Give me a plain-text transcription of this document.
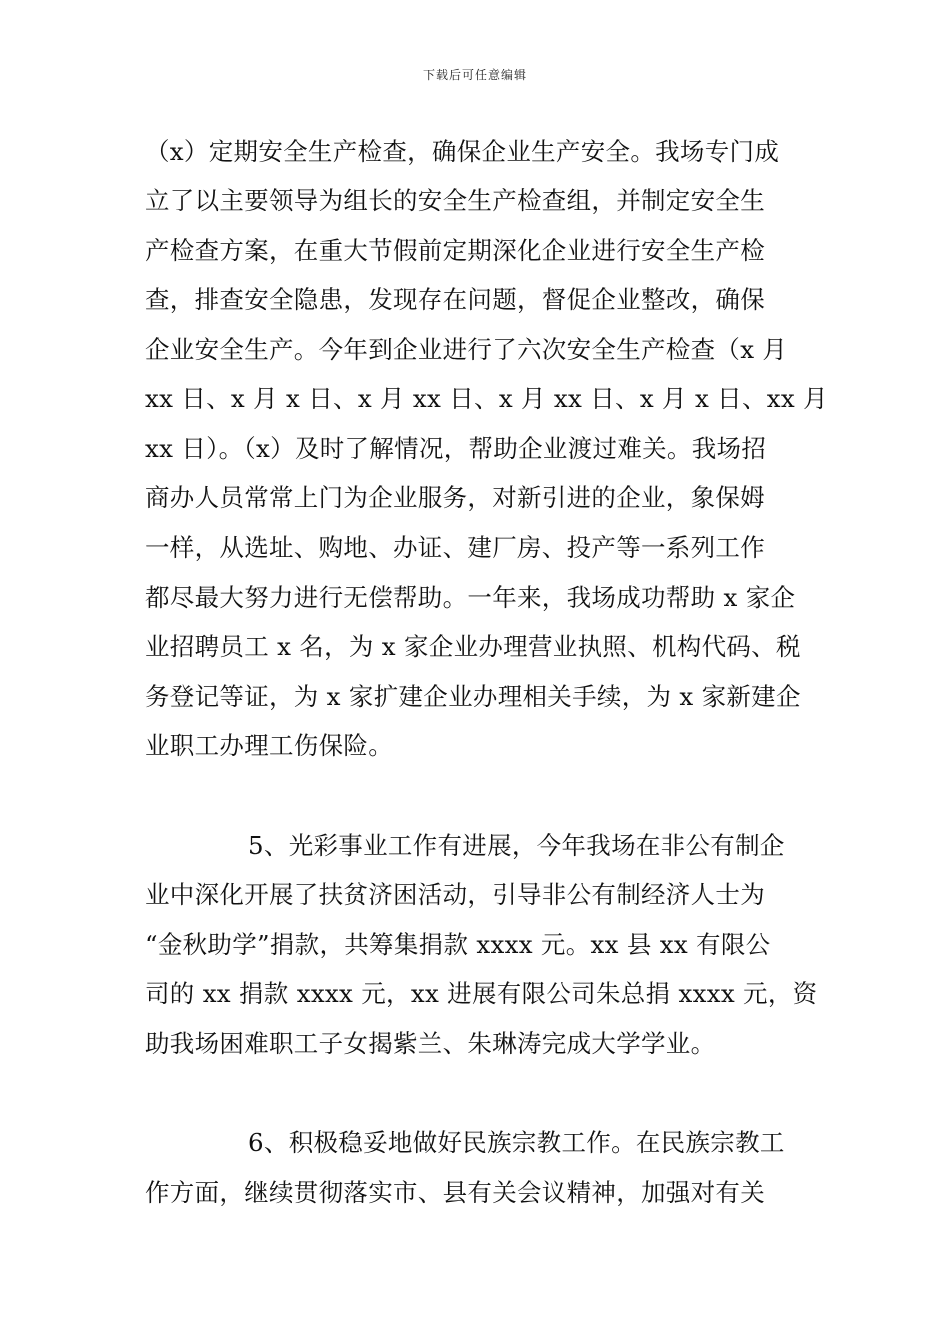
下载后可任意编辑
（x）定期安全生产检查，确保企业生产安全。我场专门成
立了以主要领导为组长的安全生产检查组，并制定安全生
产检查方案，在重大节假前定期深化企业进行安全生产检
查，排查安全隐患，发现存在问题，督促企业整改，确保
企业安全生产。今年到企业进行了六次安全生产检查（x 月
xx 日、x 月 x 日、x 月 xx 日、x 月 xx 日、x 月 x 日、xx 月
xx 日）。（x）及时了解情况，帮助企业渡过难关。我场招
商办人员常常上门为企业服务，对新引进的企业，象保姆
一样，从选址、购地、办证、建厂房、投产等一系列工作
都尽最大努力进行无偿帮助。一年来，我场成功帮助 x 家企
业招聘员工 x 名，为 x 家企业办理营业执照、机构代码、税
务登记等证，为 x 家扩建企业办理相关手续，为 x 家新建企
业职工办理工伤保险。
5、光彩事业工作有进展，今年我场在非公有制企
业中深化开展了扶贫济困活动，引导非公有制经济人士为
“金秋助学”捐款，共筹集捐款 xxxx 元。xx 县 xx 有限公
司的 xx 捐款 xxxx 元，xx 进展有限公司朱总捐 xxxx 元，资
助我场困难职工子女揭紫兰、朱琳涛完成大学学业。
6、积极稳妥地做好民族宗教工作。在民族宗教工
作方面，继续贯彻落实市、县有关会议精神，加强对有关
